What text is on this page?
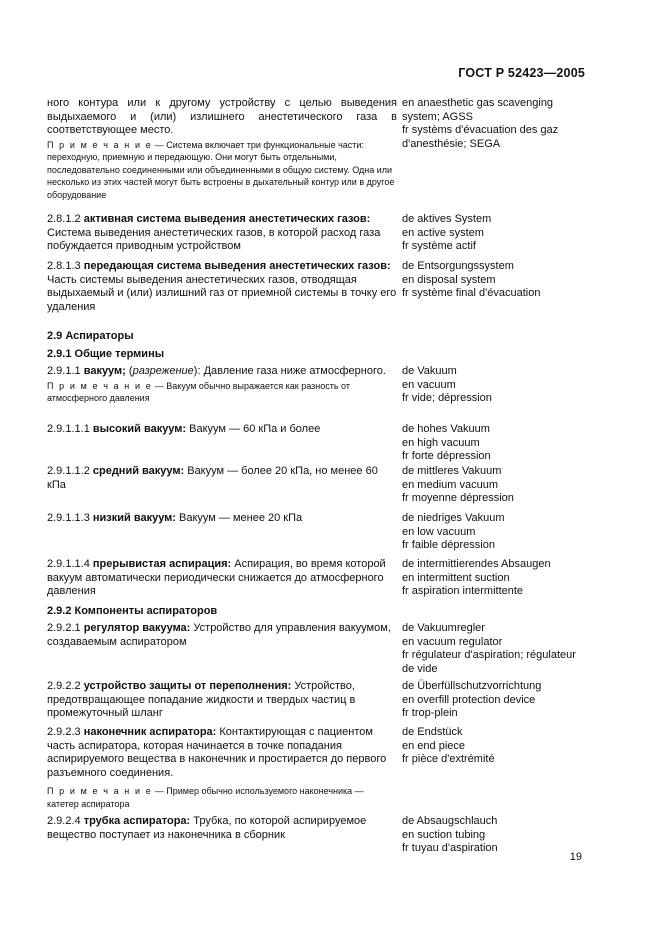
ГОСТ Р 52423—2005
ного контура или к другому устройству с целью выведения выдыхаемого и (или) излишнего анестетического газа в соответствующее место.
П р и м е ч а н и е — Система включает три функциональные части: переходную, приемную и передающую. Они могут быть отдельными, последовательно соединенными или объединенными в общую систему. Одна или несколько из этих частей могут быть встроены в дыхательный контур или в другое оборудование
en anaesthetic gas scavenging
system; AGSS
fr systèms d'évacuation des gaz
d'anesthésie; SEGA
2.8.1.2 активная система выведения анестетических газов: Система выведения анестетических газов, в которой расход газа побуждается приводным устройством
de aktives System
en active system
fr système actif
2.8.1.3 передающая система выведения анестетических газов: Часть системы выведения анестетических газов, отводящая выдыхаемый и (или) излишний газ от приемной системы в точку его удаления
de Entsorgungssystem
en disposal system
fr système final d'évacuation
2.9 Аспираторы
2.9.1 Общие термины
2.9.1.1 вакуум; (разрежение): Давление газа ниже атмосферного.
П р и м е ч а н и е — Вакуум обычно выражается как разность от атмосферного давления
de Vakuum
en vacuum
fr vide; dépression
2.9.1.1.1 высокий вакуум: Вакуум — 60 кПа и более	de hohes Vakuum
en high vacuum
fr forte dépression
2.9.1.1.2 средний вакуум: Вакуум — более 20 кПа, но менее 60 кПа
de mittleres Vakuum
en medium vacuum
fr moyenne dépression
2.9.1.1.3 низкий вакуум: Вакуум — менее 20 кПа	de niedriges Vakuum
en low vacuum
fr faible dépression
2.9.1.1.4 прерывистая аспирация: Аспирация, во время которой вакуум автоматически периодически снижается до атмосферного давления
de intermittierendes Absaugen
en intermittent suction
fr aspiration intermittente
2.9.2 Компоненты аспираторов
2.9.2.1 регулятор вакуума: Устройство для управления вакуумом, создаваемым аспиратором
de Vakuumregler
en vacuum regulator
fr régulateur d'aspiration; régulateur
de vide
2.9.2.2 устройство защиты от переполнения: Устройство, предотвращающее попадание жидкости и твердых частиц в промежуточный шланг
de Überfüllschutzvorrichtung
en overfill protection device
fr trop-plein
2.9.2.3 наконечник аспиратора: Контактирующая с пациентом часть аспиратора, которая начинается в точке попадания аспирируемого вещества в наконечник и простирается до первого разъемного соединения.
П р и м е ч а н и е — Пример обычно используемого наконечника — катетер аспиратора
de Endstück
en end piece
fr pièce d'extrémité
2.9.2.4 трубка аспиратора: Трубка, по которой аспирируемое вещество поступает из наконечника в сборник
de Absaugschlauch
en suction tubing
fr tuyau d'aspiration
19
